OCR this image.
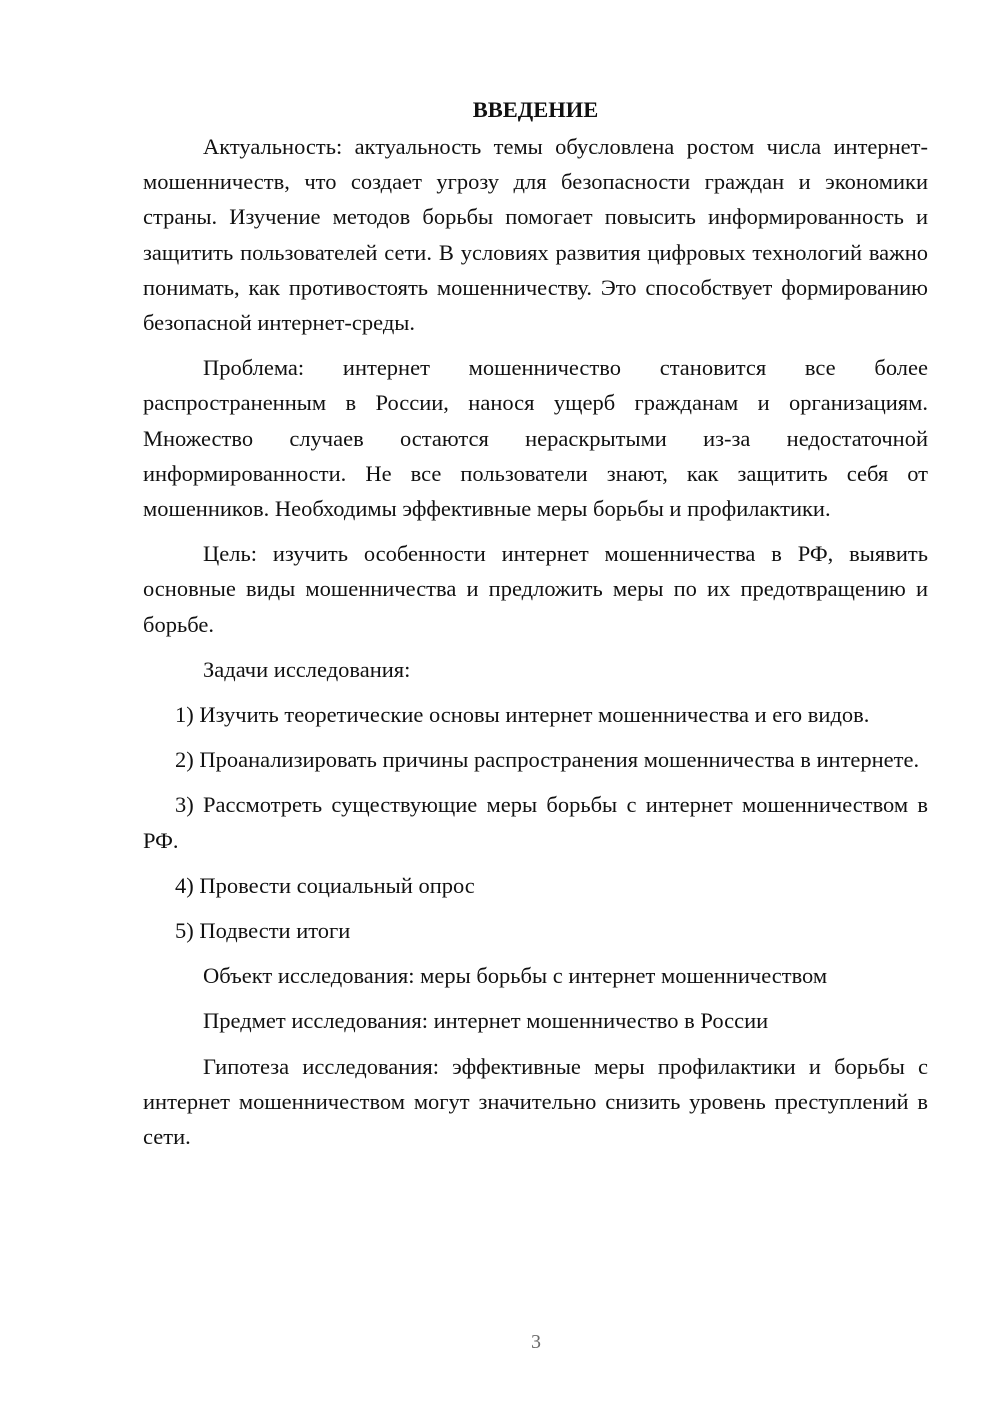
ВВЕДЕНИЕ

Актуальность: актуальность темы обусловлена ростом числа интернет-мошенничеств, что создает угрозу для безопасности граждан и экономики страны. Изучение методов борьбы помогает повысить информированность и защитить пользователей сети. В условиях развития цифровых технологий важно понимать, как противостоять мошенничеству. Это способствует формированию безопасной интернет-среды.

Проблема: интернет мошенничество становится все более распространенным в России, нанося ущерб гражданам и организациям. Множество случаев остаются нераскрытыми из-за недостаточной информированности. Не все пользователи знают, как защитить себя от мошенников. Необходимы эффективные меры борьбы и профилактики.

Цель: изучить особенности интернет мошенничества в РФ, выявить основные виды мошенничества и предложить меры по их предотвращению и борьбе.

Задачи исследования:

1) Изучить теоретические основы интернет мошенничества и его видов.

2) Проанализировать причины распространения мошенничества в интернете.

3) Рассмотреть существующие меры борьбы с интернет мошенничеством в РФ.

4) Провести социальный опрос

5) Подвести итоги

Объект исследования: меры борьбы с интернет мошенничеством

Предмет исследования: интернет мошенничество в России

Гипотеза исследования: эффективные меры профилактики и борьбы с интернет мошенничеством могут значительно снизить уровень преступлений в сети.

3
